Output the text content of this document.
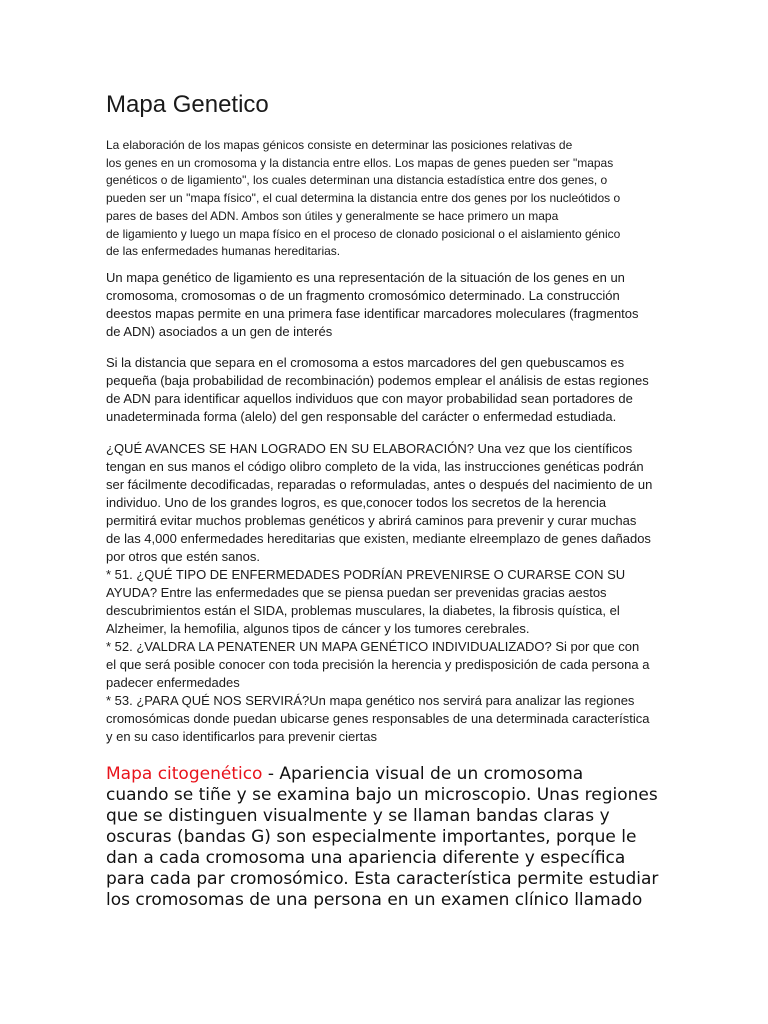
Mapa Genetico
La elaboración de los mapas génicos consiste en determinar las posiciones relativas de
los genes en un cromosoma y la distancia entre ellos. Los mapas de genes pueden ser "mapas
genéticos o de ligamiento", los cuales determinan una distancia estadística entre dos genes, o
pueden ser un "mapa físico", el cual determina la distancia entre dos genes por los nucleótidos o
pares de bases del ADN. Ambos son útiles y generalmente se hace primero un mapa
de ligamiento y luego un mapa físico en el proceso de clonado posicional o el aislamiento génico
de las enfermedades humanas hereditarias.
Un mapa genético de ligamiento es una representación de la situación de los genes en un
cromosoma, cromosomas o de un fragmento cromosómico determinado. La construcción
deestos mapas permite en una primera fase identificar marcadores moleculares (fragmentos
de ADN) asociados a un gen de interés
Si la distancia que separa en el cromosoma a estos marcadores del gen quebuscamos es
pequeña (baja probabilidad de recombinación) podemos emplear el análisis de estas regiones
de ADN para identificar aquellos individuos que con mayor probabilidad sean portadores de
unadeterminada forma (alelo) del gen responsable del carácter o enfermedad estudiada.
¿QUÉ AVANCES SE HAN LOGRADO EN SU ELABORACIÓN? Una vez que los científicos
tengan en sus manos el código olibro completo de la vida, las instrucciones genéticas podrán
ser fácilmente decodificadas, reparadas o reformuladas, antes o después del nacimiento de un
individuo. Uno de los grandes logros, es que,conocer todos los secretos de la herencia
permitirá evitar muchos problemas genéticos y abrirá caminos para prevenir y curar muchas
de las 4,000 enfermedades hereditarias que existen, mediante elreemplazo de genes dañados
por otros que estén sanos.
* 51. ¿QUÉ TIPO DE ENFERMEDADES PODRÍAN PREVENIRSE O CURARSE CON SU
AYUDA? Entre las enfermedades que se piensa puedan ser prevenidas gracias aestos
descubrimientos están el SIDA, problemas musculares, la diabetes, la fibrosis quística, el
Alzheimer, la hemofilia, algunos tipos de cáncer y los tumores cerebrales.
* 52. ¿VALDRA LA PENATENER UN MAPA GENÉTICO INDIVIDUALIZADO? Si por que con
el que será posible conocer con toda precisión la herencia y predisposición de cada persona a
padecer enfermedades
* 53. ¿PARA QUÉ NOS SERVIRÁ?Un mapa genético nos servirá para analizar las regiones
cromosómicas donde puedan ubicarse genes responsables de una determinada característica
y en su caso identificarlos para prevenir ciertas
Mapa citogenético - Apariencia visual de un cromosoma
cuando se tiñe y se examina bajo un microscopio. Unas regiones
que se distinguen visualmente y se llaman bandas claras y
oscuras (bandas G) son especialmente importantes, porque le
dan a cada cromosoma una apariencia diferente y específica
para cada par cromosómico. Esta característica permite estudiar
los cromosomas de una persona en un examen clínico llamado
